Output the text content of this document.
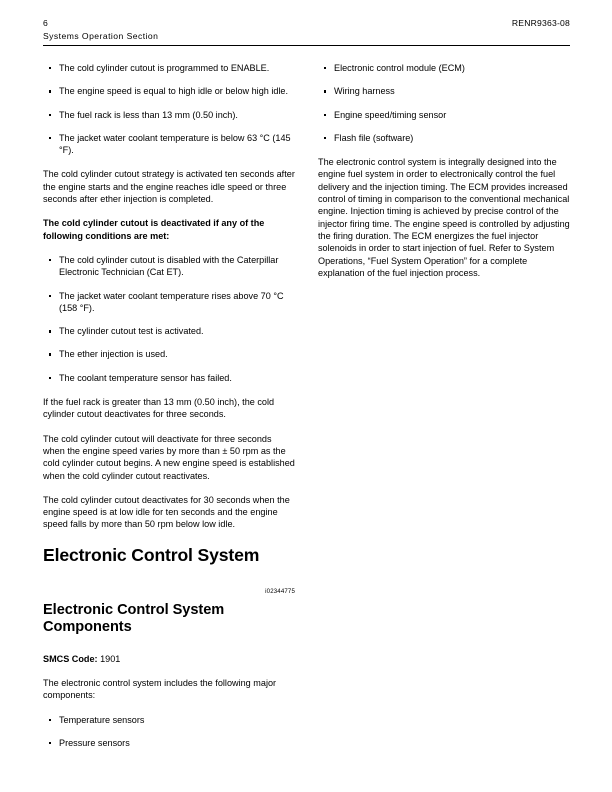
6	RENR9363-08
Systems Operation Section
The cold cylinder cutout is programmed to ENABLE.
The engine speed is equal to high idle or below high idle.
The fuel rack is less than 13 mm (0.50 inch).
The jacket water coolant temperature is below 63 °C (145 °F).

The cold cylinder cutout strategy is activated ten seconds after the engine starts and the engine reaches idle speed or three seconds after ether injection is completed.

The cold cylinder cutout is deactivated if any of the following conditions are met:

The cold cylinder cutout is disabled with the Caterpillar Electronic Technician (Cat ET).
The jacket water coolant temperature rises above 70 °C (158 °F).
The cylinder cutout test is activated.
The ether injection is used.
The coolant temperature sensor has failed.

If the fuel rack is greater than 13 mm (0.50 inch), the cold cylinder cutout deactivates for three seconds.

The cold cylinder cutout will deactivate for three seconds when the engine speed varies by more than ± 50 rpm as the cold cylinder cutout begins. A new engine speed is established when the cold cylinder cutout reactivates.

The cold cylinder cutout deactivates for 30 seconds when the engine speed is at low idle for ten seconds and the engine speed falls by more than 50 rpm below low idle.

Electronic Control System
i02344775
Electronic Control System Components

SMCS Code: 1901

The electronic control system includes the following major components:

Temperature sensors
Pressure sensors
Electronic control module (ECM)
Wiring harness
Engine speed/timing sensor
Flash file (software)

The electronic control system is integrally designed into the engine fuel system in order to electronically control the fuel delivery and the injection timing. The ECM provides increased control of timing in comparison to the conventional mechanical engine. Injection timing is achieved by precise control of the injector firing time. The engine speed is controlled by adjusting the firing duration. The ECM energizes the fuel injector solenoids in order to start injection of fuel. Refer to System Operations, “Fuel System Operation” for a complete explanation of the fuel injection process.
